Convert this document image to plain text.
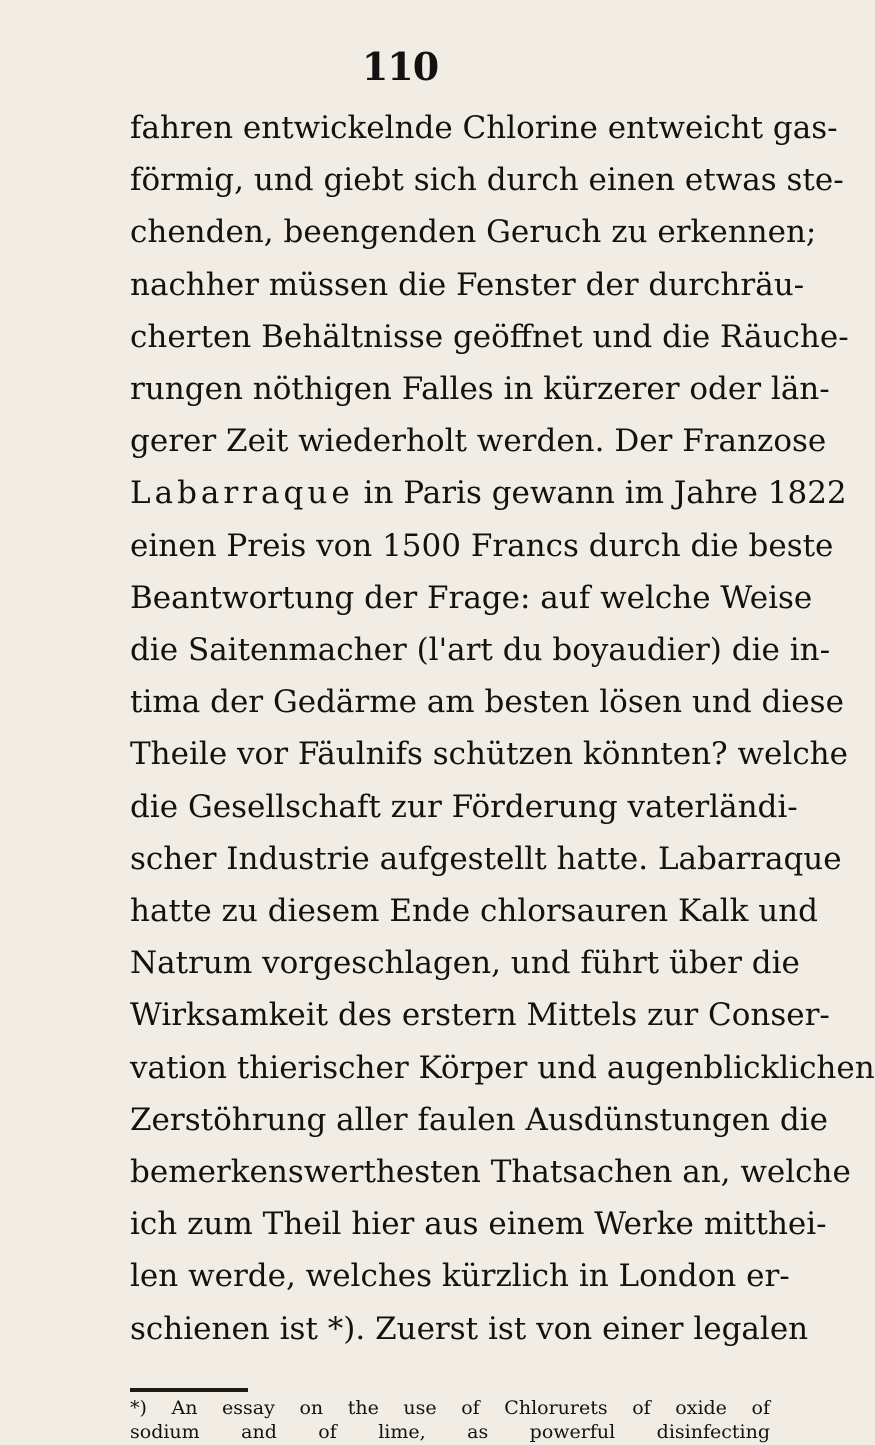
110
fahren entwickelnde Chlorine entweicht gas-
förmig, und giebt sich durch einen etwas ste-
chenden, beengenden Geruch zu erkennen;
nachher müssen die Fenster der durchräu-
cherten Behältnisse geöffnet und die Räuche-
rungen nöthigen Falles in kürzerer oder län-
gerer Zeit wiederholt werden. Der Franzose
Labarraque in Paris gewann im Jahre 1822
einen Preis von 1500 Francs durch die beste
Beantwortung der Frage: auf welche Weise
die Saitenmacher (l'art du boyaudier) die in-
tima der Gedärme am besten lösen und diese
Theile vor Fäulnifs schützen könnten? welche
die Gesellschaft zur Förderung vaterländi-
scher Industrie aufgestellt hatte. Labarraque
hatte zu diesem Ende chlorsauren Kalk und
Natrum vorgeschlagen, und führt über die
Wirksamkeit des erstern Mittels zur Conser-
vation thierischer Körper und augenblicklichen
Zerstöhrung aller faulen Ausdünstungen die
bemerkenswerthesten Thatsachen an, welche
ich zum Theil hier aus einem Werke mitthei-
len werde, welches kürzlich in London er-
schienen ist *). Zuerst ist von einer legalen
*) An essay on the use of Chlorurets of oxide of
sodium and of lime, as powerful disinfecting
